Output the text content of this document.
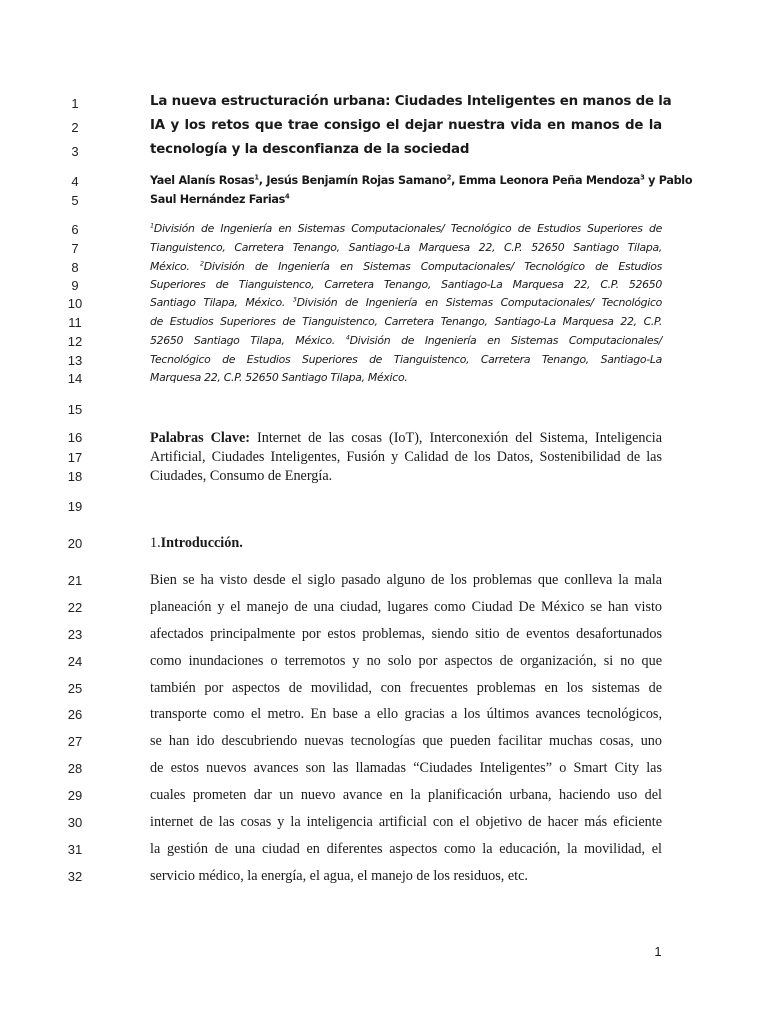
1
2
3
4
5
6
7
8
9
10
11
12
13
14
15
16
17
18
19
20
21
22
23
24
25
26
27
28
29
30
31
32
La nueva estructuración urbana: Ciudades Inteligentes en manos de la
IA y los retos que trae consigo el dejar nuestra vida en manos de la
tecnología y la desconfianza de la sociedad
Yael Alanís Rosas$^1$, Jesús Benjamín Rojas Samano$^2$, Emma Leonora Peña Mendoza$^3$ y Pablo
Saul Hernández Farias$^4$
$^1$División de Ingeniería en Sistemas Computacionales/ Tecnológico de Estudios Superiores de
Tianguistenco, Carretera Tenango, Santiago-La Marquesa 22, C.P. 52650 Santiago Tilapa,
México. $^2$División de Ingeniería en Sistemas Computacionales/ Tecnológico de Estudios
Superiores de Tianguistenco, Carretera Tenango, Santiago-La Marquesa 22, C.P. 52650
Santiago Tilapa, México. $^3$División de Ingeniería en Sistemas Computacionales/ Tecnológico
de Estudios Superiores de Tianguistenco, Carretera Tenango, Santiago-La Marquesa 22, C.P.
52650 Santiago Tilapa, México. $^4$División de Ingeniería en Sistemas Computacionales/
Tecnológico de Estudios Superiores de Tianguistenco, Carretera Tenango, Santiago-La
Marquesa 22, C.P. 52650 Santiago Tilapa, México.
Palabras Clave: Internet de las cosas (IoT), Interconexión del Sistema, Inteligencia
Artificial, Ciudades Inteligentes, Fusión y Calidad de los Datos, Sostenibilidad de las
Ciudades, Consumo de Energía.
1.Introducción.
Bien se ha visto desde el siglo pasado alguno de los problemas que conlleva la mala
planeación y el manejo de una ciudad, lugares como Ciudad De México se han visto
afectados principalmente por estos problemas, siendo sitio de eventos desafortunados
como inundaciones o terremotos y no solo por aspectos de organización, si no que
también por aspectos de movilidad, con frecuentes problemas en los sistemas de
transporte como el metro. En base a ello gracias a los últimos avances tecnológicos,
se han ido descubriendo nuevas tecnologías que pueden facilitar muchas cosas, uno
de estos nuevos avances son las llamadas “Ciudades Inteligentes” o Smart City las
cuales prometen dar un nuevo avance en la planificación urbana, haciendo uso del
internet de las cosas y la inteligencia artificial con el objetivo de hacer más eficiente
la gestión de una ciudad en diferentes aspectos como la educación, la movilidad, el
servicio médico, la energía, el agua, el manejo de los residuos, etc.
1
